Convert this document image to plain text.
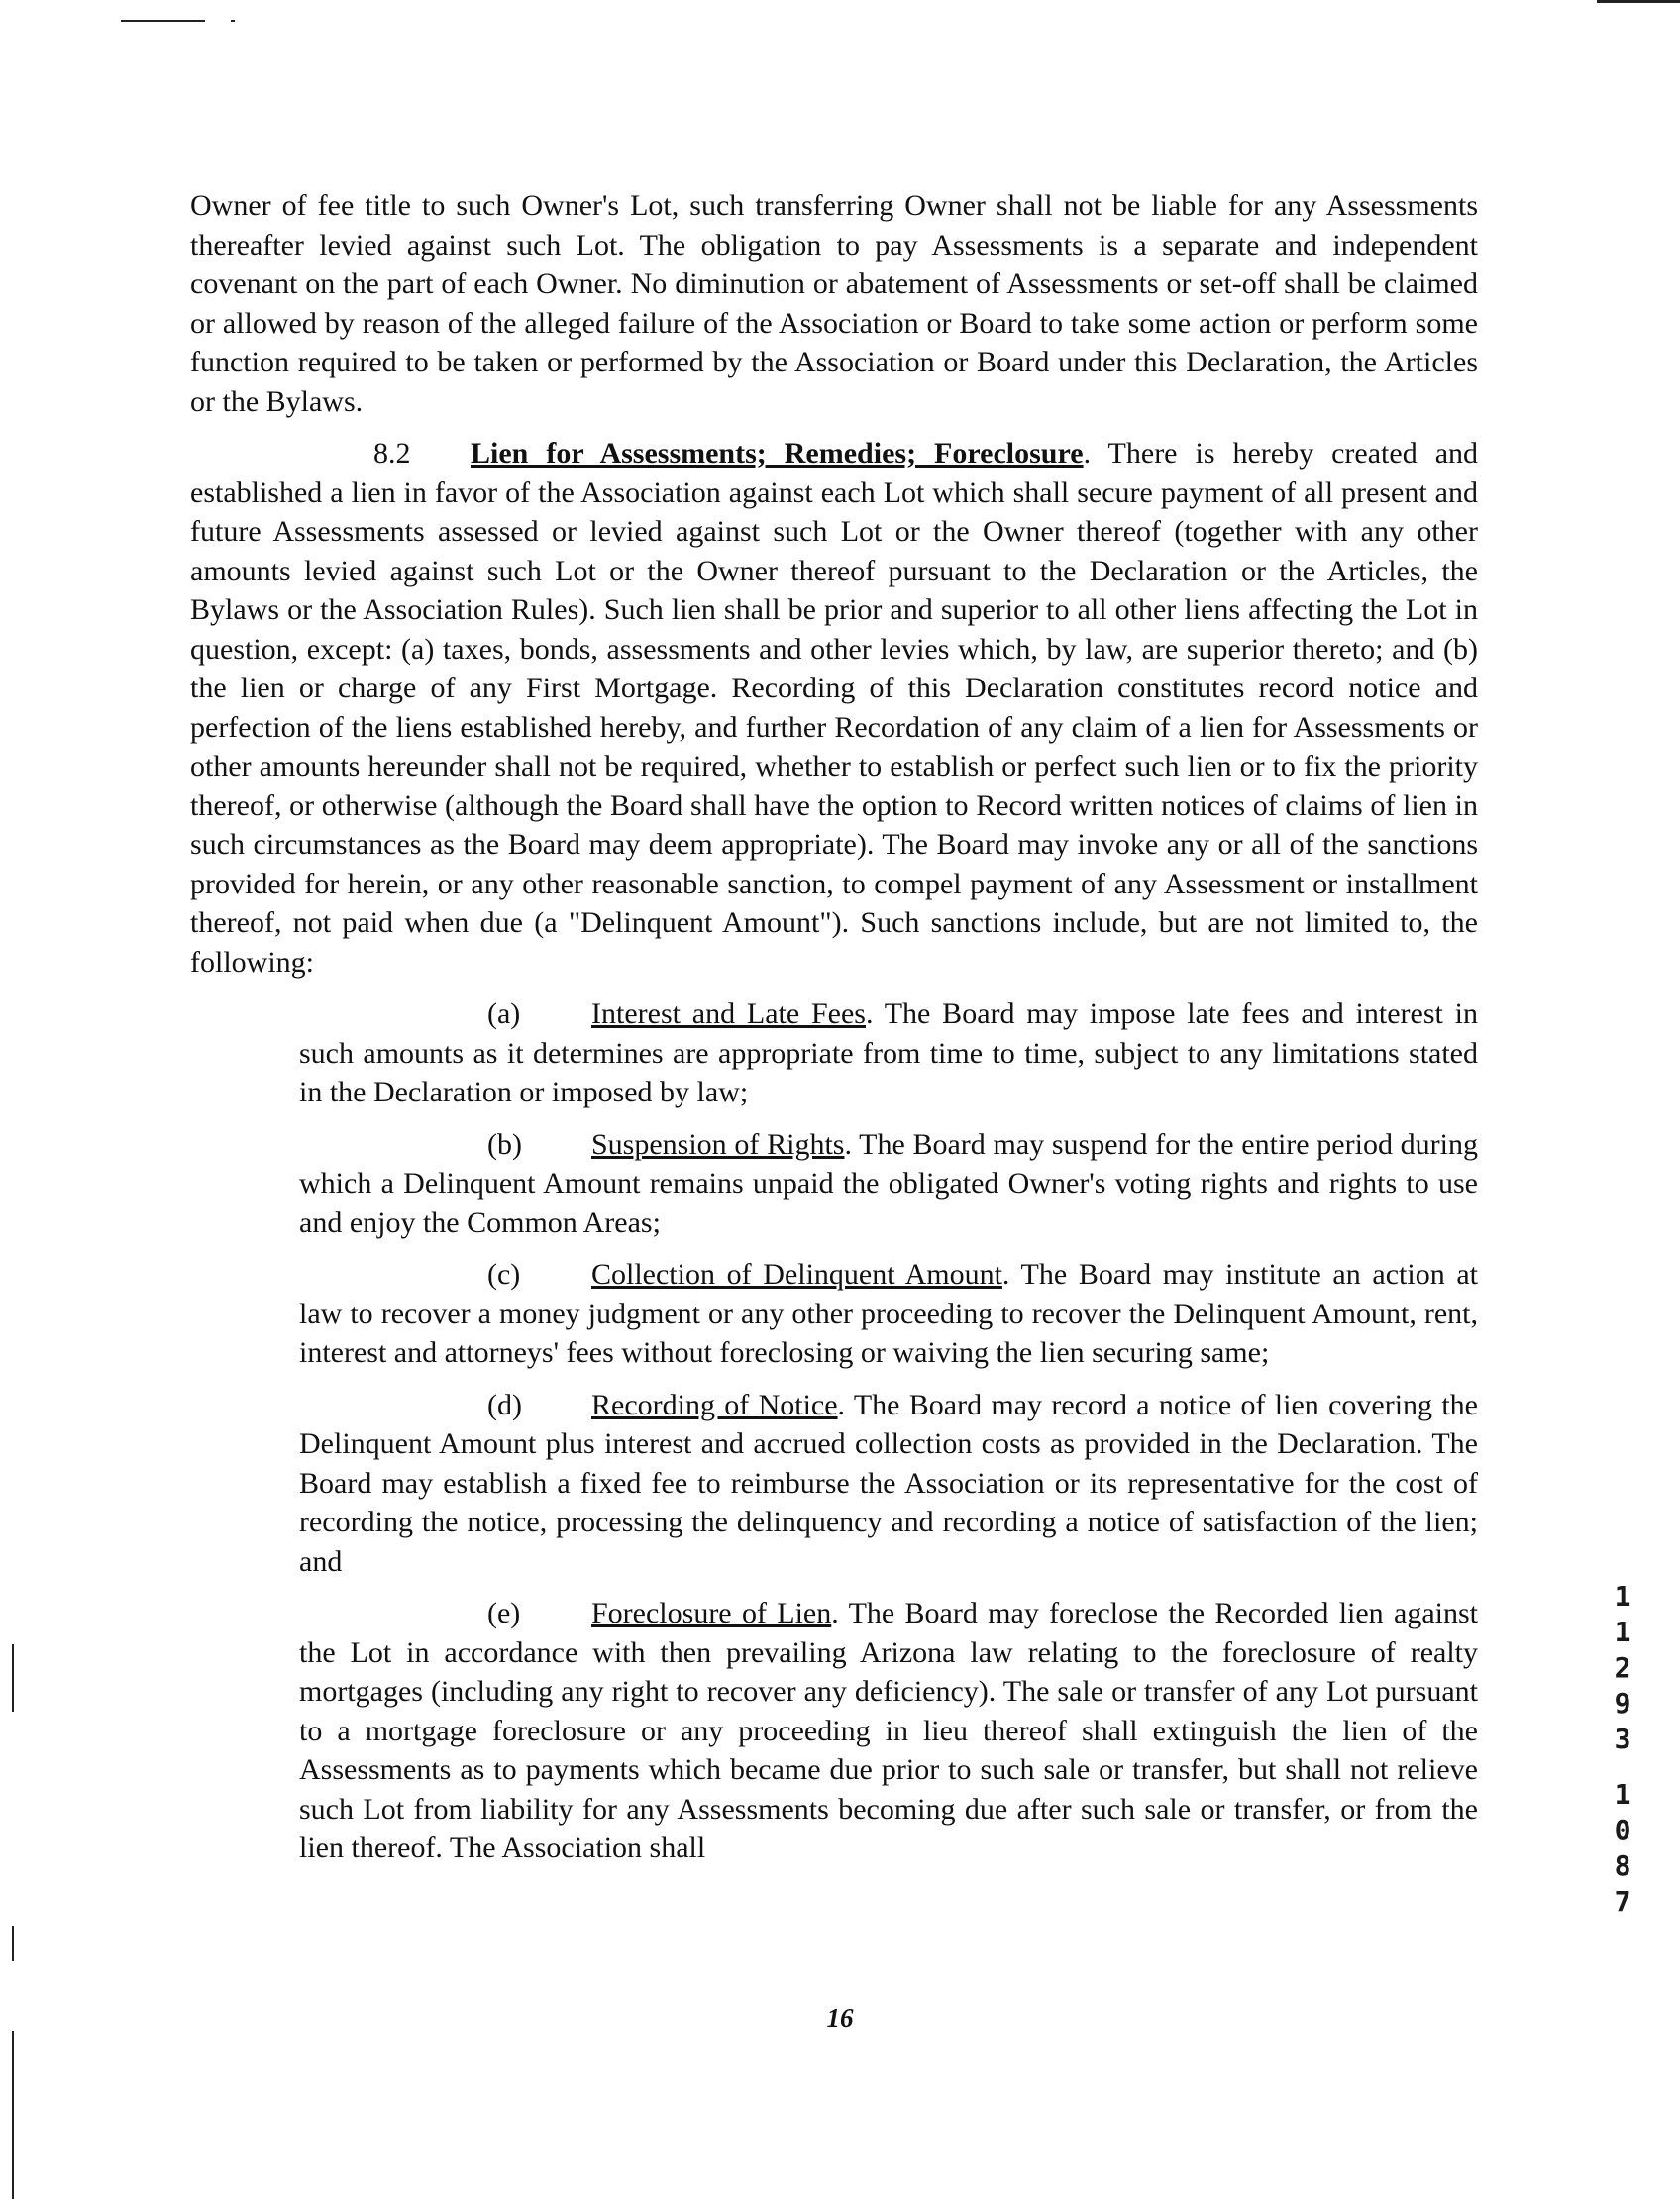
Owner of fee title to such Owner's Lot, such transferring Owner shall not be liable for any Assessments thereafter levied against such Lot. The obligation to pay Assessments is a separate and independent covenant on the part of each Owner. No diminution or abatement of Assessments or set-off shall be claimed or allowed by reason of the alleged failure of the Association or Board to take some action or perform some function required to be taken or performed by the Association or Board under this Declaration, the Articles or the Bylaws.

8.2 Lien for Assessments; Remedies; Foreclosure. There is hereby created and established a lien in favor of the Association against each Lot which shall secure payment of all present and future Assessments assessed or levied against such Lot or the Owner thereof (together with any other amounts levied against such Lot or the Owner thereof pursuant to the Declaration or the Articles, the Bylaws or the Association Rules). Such lien shall be prior and superior to all other liens affecting the Lot in question, except: (a) taxes, bonds, assessments and other levies which, by law, are superior thereto; and (b) the lien or charge of any First Mortgage. Recording of this Declaration constitutes record notice and perfection of the liens established hereby, and further Recordation of any claim of a lien for Assessments or other amounts hereunder shall not be required, whether to establish or perfect such lien or to fix the priority thereof, or otherwise (although the Board shall have the option to Record written notices of claims of lien in such circumstances as the Board may deem appropriate). The Board may invoke any or all of the sanctions provided for herein, or any other reasonable sanction, to compel payment of any Assessment or installment thereof, not paid when due (a "Delinquent Amount"). Such sanctions include, but are not limited to, the following:

(a) Interest and Late Fees. The Board may impose late fees and interest in such amounts as it determines are appropriate from time to time, subject to any limitations stated in the Declaration or imposed by law;

(b) Suspension of Rights. The Board may suspend for the entire period during which a Delinquent Amount remains unpaid the obligated Owner's voting rights and rights to use and enjoy the Common Areas;

(c) Collection of Delinquent Amount. The Board may institute an action at law to recover a money judgment or any other proceeding to recover the Delinquent Amount, rent, interest and attorneys' fees without foreclosing or waiving the lien securing same;

(d) Recording of Notice. The Board may record a notice of lien covering the Delinquent Amount plus interest and accrued collection costs as provided in the Declaration. The Board may establish a fixed fee to reimburse the Association or its representative for the cost of recording the notice, processing the delinquency and recording a notice of satisfaction of the lien; and

(e) Foreclosure of Lien. The Board may foreclose the Recorded lien against the Lot in accordance with then prevailing Arizona law relating to the foreclosure of realty mortgages (including any right to recover any deficiency). The sale or transfer of any Lot pursuant to a mortgage foreclosure or any proceeding in lieu thereof shall extinguish the lien of the Assessments as to payments which became due prior to such sale or transfer, but shall not relieve such Lot from liability for any Assessments becoming due after such sale or transfer, or from the lien thereof. The Association shall

1
1
2
9
3
1
0
8
7
16
